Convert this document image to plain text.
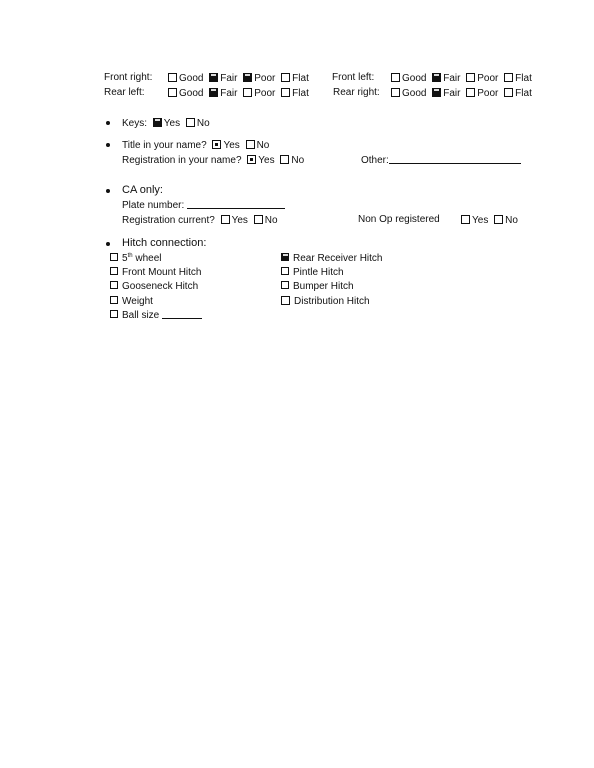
Front right:	Good Fair Poor Flat Front left:	Good Fair Poor Flat
Rear left:	Good Fair Poor Flat Rear right:	Good Fair Poor Flat
Keys: Yes No
Title in your name? Yes No
Registration in your name? Yes No	Other:
CA only:
Plate number:
Registration current? Yes No	Non Op registered	Yes No
Hitch connection:
5th wheel
Front Mount Hitch
Gooseneck Hitch
Weight
Ball size
Rear Receiver Hitch
Pintle Hitch
Bumper Hitch
Distribution Hitch
